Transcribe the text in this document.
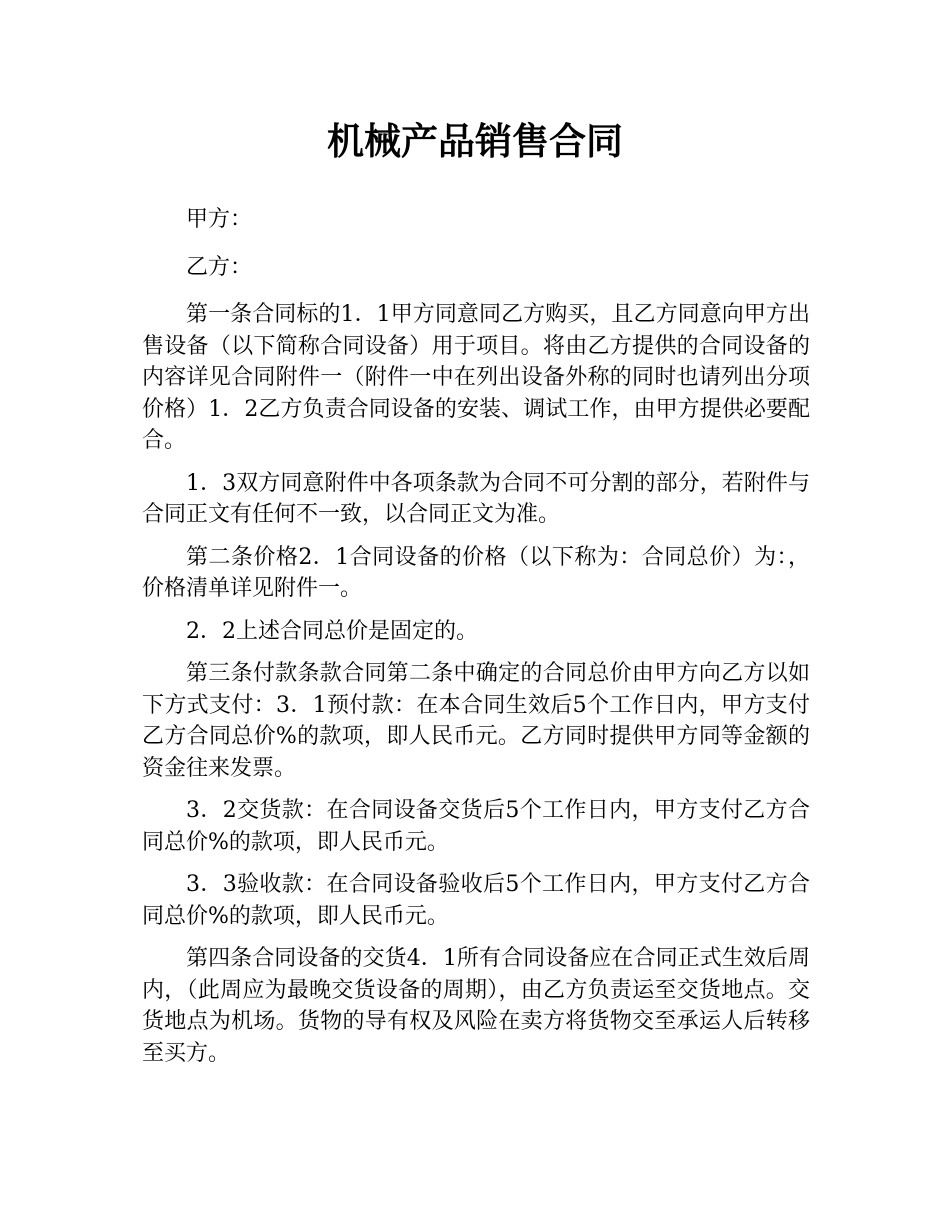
机械产品销售合同

甲方：

乙方：

第一条合同标的1．1甲方同意同乙方购买，且乙方同意向甲方出售设备（以下简称合同设备）用于项目。将由乙方提供的合同设备的内容详见合同附件一（附件一中在列出设备外称的同时也请列出分项价格）1．2乙方负责合同设备的安装、调试工作，由甲方提供必要配合。

1．3双方同意附件中各项条款为合同不可分割的部分，若附件与合同正文有任何不一致，以合同正文为准。

第二条价格2．1合同设备的价格（以下称为：合同总价）为：，价格清单详见附件一。

2．2上述合同总价是固定的。

第三条付款条款合同第二条中确定的合同总价由甲方向乙方以如下方式支付：3．1预付款：在本合同生效后5个工作日内，甲方支付乙方合同总价%的款项，即人民币元。乙方同时提供甲方同等金额的资金往来发票。

3．2交货款：在合同设备交货后5个工作日内，甲方支付乙方合同总价%的款项，即人民币元。

3．3验收款：在合同设备验收后5个工作日内，甲方支付乙方合同总价%的款项，即人民币元。

第四条合同设备的交货4．1所有合同设备应在合同正式生效后周内，（此周应为最晚交货设备的周期），由乙方负责运至交货地点。交货地点为机场。货物的导有权及风险在卖方将货物交至承运人后转移至买方。
